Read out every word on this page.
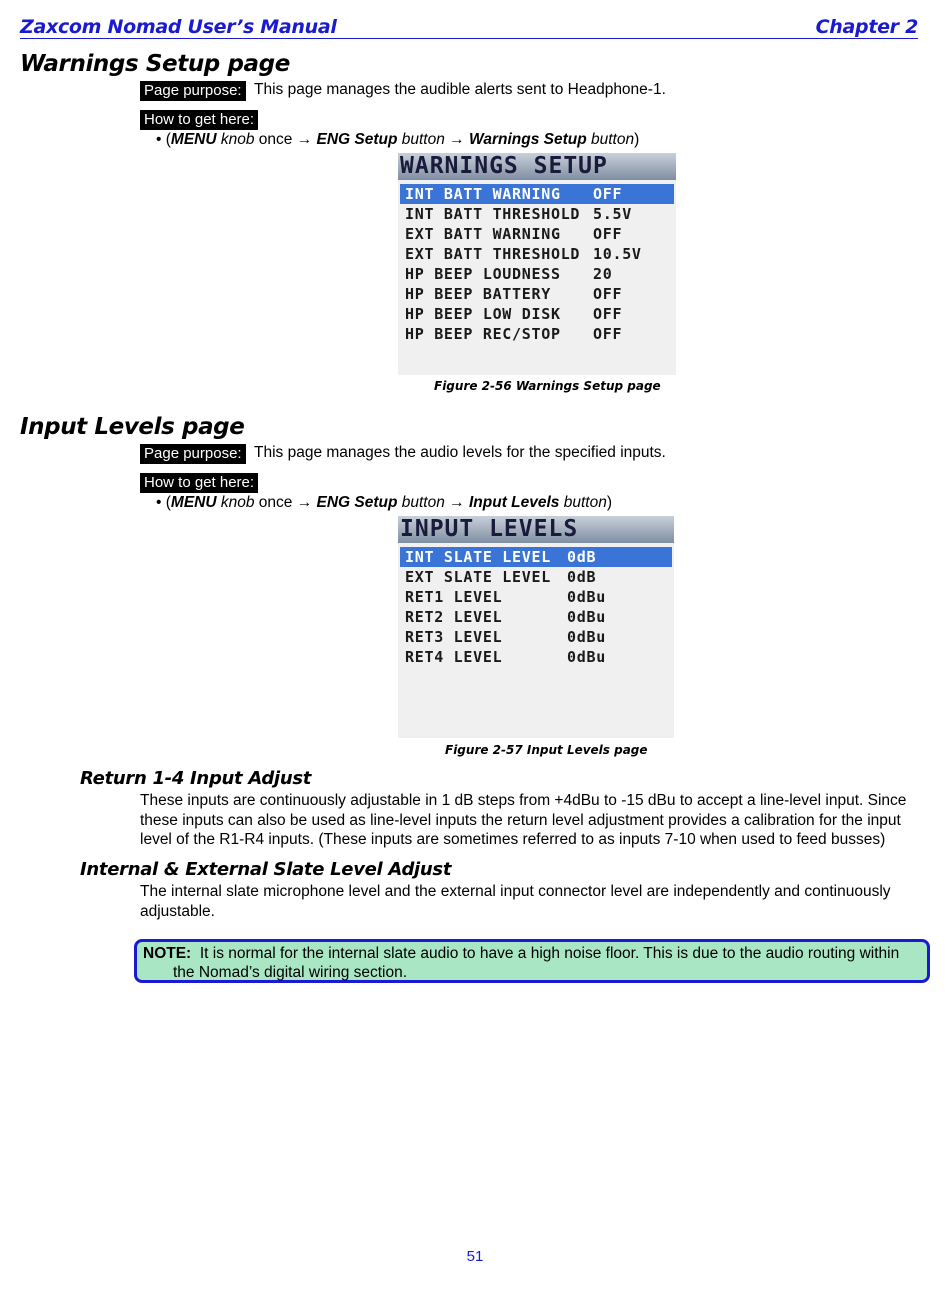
Zaxcom Nomad User’s Manual	Chapter 2
Warnings Setup page
Page purpose: This page manages the audible alerts sent to Headphone-1.
How to get here:
• (MENU knob once → ENG Setup button → Warnings Setup button)
WARNINGS SETUP
INT BATT WARNING OFF
INT BATT THRESHOLD 5.5V
EXT BATT WARNING OFF
EXT BATT THRESHOLD 10.5V
HP BEEP LOUDNESS 20
HP BEEP BATTERY	OFF
HP BEEP LOW DISK OFF
HP BEEP REC/STOP OFF
Figure 2-56 Warnings Setup page
Input Levels page
Page purpose: This page manages the audio levels for the specified inputs.
How to get here:
• (MENU knob once → ENG Setup button → Input Levels button)
INPUT LEVELS
INT SLATE LEVEL 0dB
EXT SLATE LEVEL 0dB
RET1 LEVEL	0dBu
RET2 LEVEL	0dBu
RET3 LEVEL	0dBu
RET4 LEVEL	0dBu
Figure 2-57 Input Levels page
Return 1-4 Input Adjust
These inputs are continuously adjustable in 1 dB steps from +4dBu to -15 dBu to accept a line-level input. Since these inputs can also be used as line-level inputs the return level adjustment provides a calibration for the input level of the R1-R4 inputs. (These inputs are sometimes referred to as inputs 7-10 when used to feed busses)
Internal & External Slate Level Adjust
The internal slate microphone level and the external input connector level are independently and continuously adjustable.
NOTE: It is normal for the internal slate audio to have a high noise floor. This is due to the audio routing within
the Nomad’s digital wiring section.
51
